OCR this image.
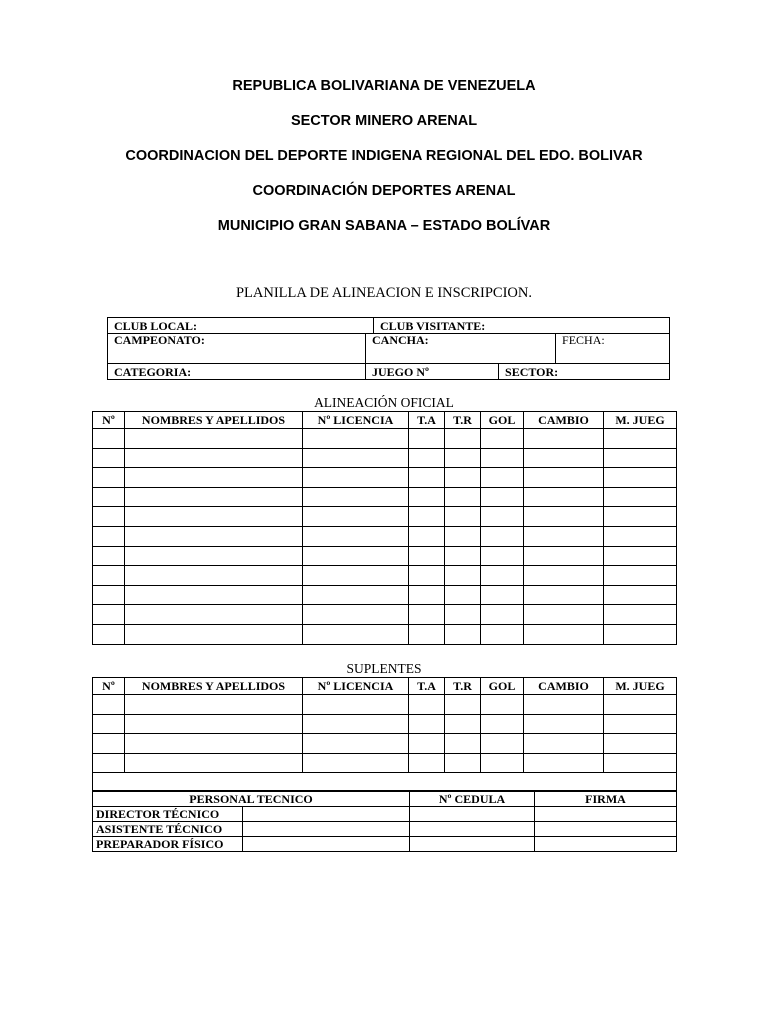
REPUBLICA BOLIVARIANA DE VENEZUELA
SECTOR MINERO ARENAL
COORDINACION DEL DEPORTE INDIGENA REGIONAL DEL EDO. BOLIVAR
COORDINACIÓN DEPORTES ARENAL
MUNICIPIO GRAN SABANA – ESTADO BOLÍVAR
PLANILLA DE ALINEACION E INSCRIPCION.
CLUB LOCAL:		CLUB VISITANTE:		
CAMPEONATO:	CANCHA:			FECHA:
CATEGORIA:	JUEGO Nº		SECTOR:	
ALINEACIÓN OFICIAL
Nº	NOMBRES Y APELLIDOS	Nº LICENCIA	T.A	T.R	GOL	CAMBIO	M. JUEG

SUPLENTES
Nº	NOMBRES Y APELLIDOS	Nº LICENCIA	T.A	T.R	GOL	CAMBIO	M. JUEG

PERSONAL TECNICO		Nº CEDULA	FIRMA
DIRECTOR TÉCNICO			
ASISTENTE TÉCNICO			
PREPARADOR FÍSICO			
